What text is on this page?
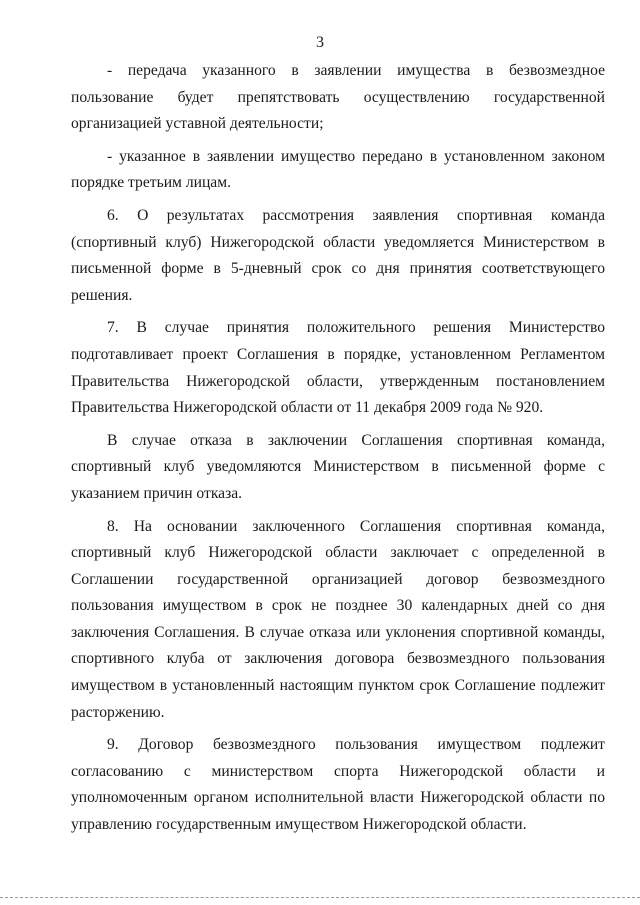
3

- передача указанного в заявлении имущества в безвозмездное пользование будет препятствовать осуществлению государственной организацией уставной деятельности;

- указанное в заявлении имущество передано в установленном законом порядке третьим лицам.

6. О результатах рассмотрения заявления спортивная команда (спортивный клуб) Нижегородской области уведомляется Министерством в письменной форме в 5-дневный срок со дня принятия соответствующего решения.

7. В случае принятия положительного решения Министерство подготавливает проект Соглашения в порядке, установленном Регламентом Правительства Нижегородской области, утвержденным постановлением Правительства Нижегородской области от 11 декабря 2009 года № 920.

В случае отказа в заключении Соглашения спортивная команда, спортивный клуб уведомляются Министерством в письменной форме с указанием причин отказа.

8. На основании заключенного Соглашения спортивная команда, спортивный клуб Нижегородской области заключает с определенной в Соглашении государственной организацией договор безвозмездного пользования имуществом в срок не позднее 30 календарных дней со дня заключения Соглашения. В случае отказа или уклонения спортивной команды, спортивного клуба от заключения договора безвозмездного пользования имуществом в установленный настоящим пунктом срок Соглашение подлежит расторжению.

9. Договор безвозмездного пользования имуществом подлежит согласованию с министерством спорта Нижегородской области и уполномоченным органом исполнительной власти Нижегородской области по управлению государственным имуществом Нижегородской области.
